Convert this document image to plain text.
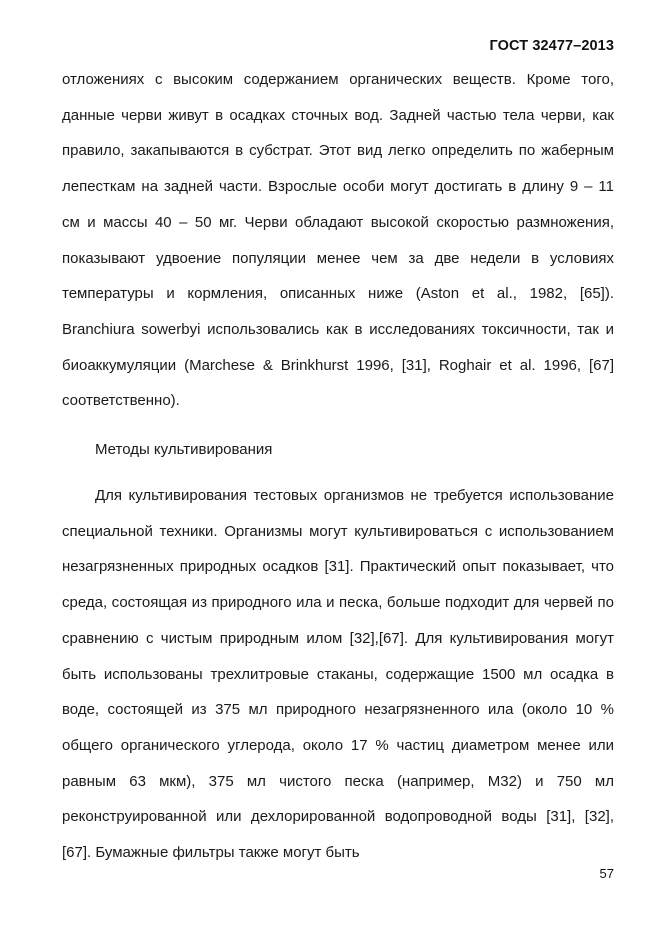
ГОСТ 32477–2013

отложениях с высоким содержанием органических веществ. Кроме того, данные черви живут в осадках сточных вод. Задней частью тела черви, как правило, закапываются в субстрат. Этот вид легко определить по жаберным лепесткам на задней части. Взрослые особи могут достигать в длину 9 – 11 см и массы 40 – 50 мг. Черви обладают высокой скоростью размножения, показывают удвоение популяции менее чем за две недели в условиях температуры и кормления, описанных ниже (Aston et al., 1982, [65]). Branchiura sowerbyi использовались как в исследованиях токсичности, так и биоаккумуляции (Marchese & Brinkhurst 1996, [31], Roghair et al. 1996, [67] соответственно).

Методы культивирования

Для культивирования тестовых организмов не требуется использование специальной техники. Организмы могут культивироваться с использованием незагрязненных природных осадков [31]. Практический опыт показывает, что среда, состоящая из природного ила и песка, больше подходит для червей по сравнению с чистым природным илом [32],[67]. Для культивирования могут быть использованы трехлитровые стаканы, содержащие 1500 мл осадка в воде, состоящей из 375 мл природного незагрязненного ила (около 10 % общего органического углерода, около 17 % частиц диаметром менее или равным 63 мкм), 375 мл чистого песка (например, М32) и 750 мл реконструированной или дехлорированной водопроводной воды [31], [32], [67]. Бумажные фильтры также могут быть

57
